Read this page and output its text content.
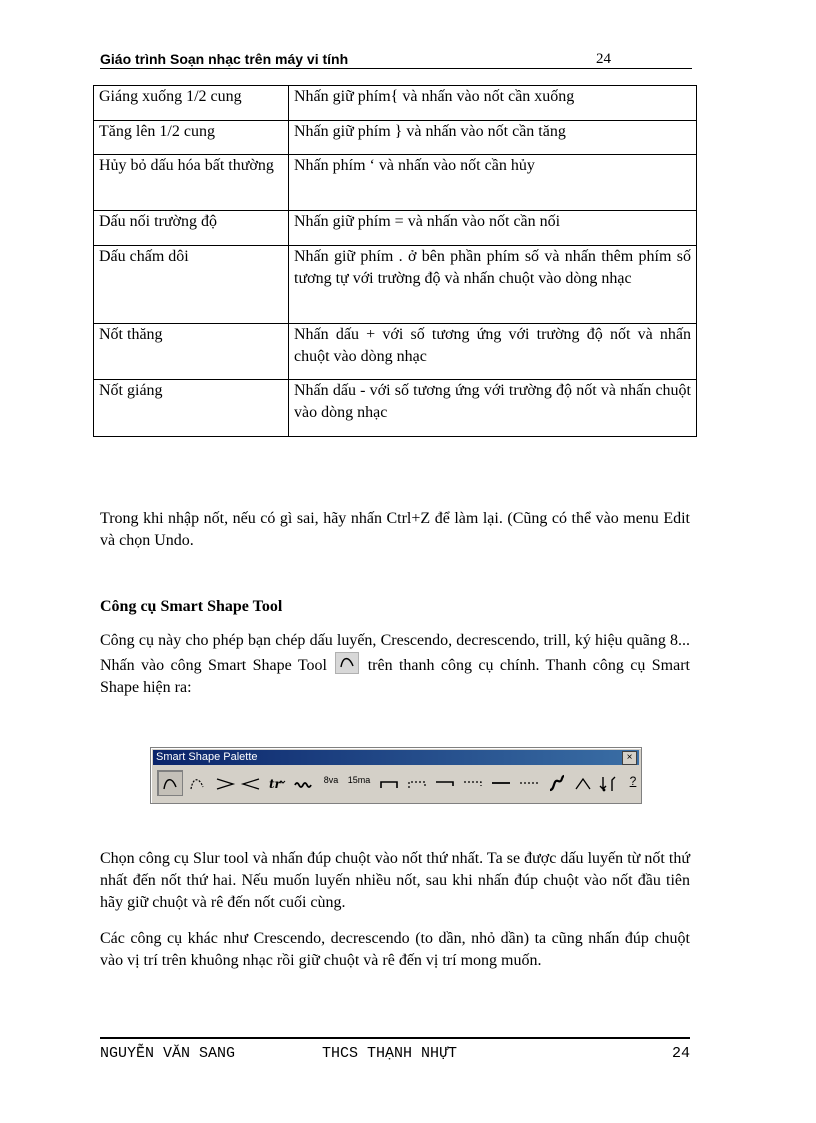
Giáo trình Soạn nhạc trên máy vi tính	24
Giáng xuống 1/2 cung	Nhấn giữ phím{ và nhấn vào nốt cần xuống
Tăng lên 1/2 cung	Nhấn giữ phím } và nhấn vào nốt cần tăng
Hủy bỏ dấu hóa bất thường	Nhấn phím ‘ và nhấn vào nốt cần hủy
Dấu nối trường độ	Nhấn giữ phím = và nhấn vào nốt cần nối
Dấu chấm dôi	Nhấn giữ phím . ở bên phần phím số và nhấn thêm phím số tương tự với trường độ và nhấn chuột vào dòng nhạc
Nốt thăng	Nhấn dấu + với số tương ứng với trường độ nốt và nhấn chuột vào dòng nhạc
Nốt giáng	Nhấn dấu - với số tương ứng với trường độ nốt và nhấn chuột vào dòng nhạc

Trong khi nhập nốt, nếu có gì sai, hãy nhấn Ctrl+Z để làm lại. (Cũng có thể vào menu Edit và chọn Undo.

Công cụ Smart Shape Tool

Công cụ này cho phép bạn chép dấu luyến, Crescendo, decrescendo, trill, ký hiệu quãng 8... Nhấn vào công Smart Shape Tool	trên thanh công cụ chính. Thanh công cụ Smart Shape hiện ra:

Smart Shape Palette	×
tr	8va	15ma	?

Chọn công cụ Slur tool và nhấn đúp chuột vào nốt thứ nhất. Ta se được dấu luyến từ nốt thứ nhất đến nốt thứ hai. Nếu muốn luyến nhiều nốt, sau khi nhấn đúp chuột vào nốt đầu tiên hãy giữ chuột và rê đến nốt cuối cùng.

Các công cụ khác như Crescendo, decrescendo (to dần, nhỏ dần) ta cũng nhấn đúp chuột vào vị trí trên khuông nhạc rồi giữ chuột và rê đến vị trí mong muốn.

NGUYỄN VĂN SANG	THCS THẠNH NHỰT	24
